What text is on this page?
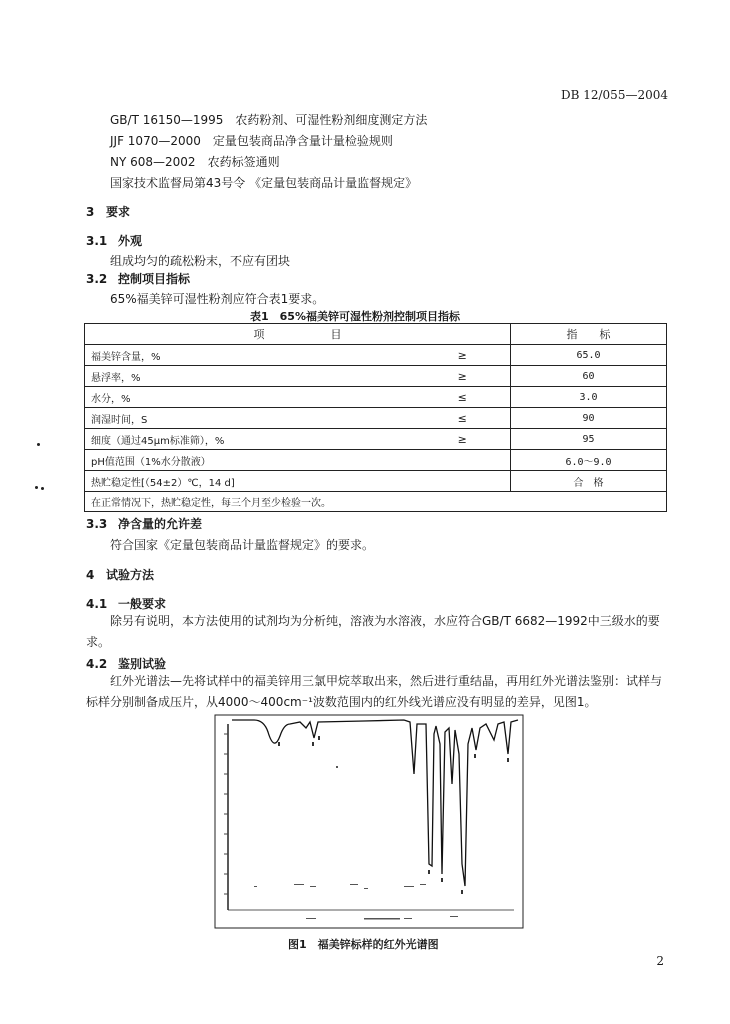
DB 12/055—2004
GB/T 16150—1995　农药粉剂、可湿性粉剂细度测定方法
JJF 1070—2000　定量包装商品净含量计量检验规则
NY 608—2002　农药标签通则
国家技术监督局第43号令 《定量包装商品计量监督规定》
3 要求
3.1 外观
组成均匀的疏松粉末，不应有团块
3.2 控制项目指标
65%福美锌可湿性粉剂应符合表1要求。
表1　65%福美锌可湿性粉剂控制项目指标
项　　　　　　目		指　　标
福美锌含量，%	≥	65.0
悬浮率，%	≥	60
水分，%	≤	3.0
润湿时间，S	≤	90
细度（通过45μm标准筛），%	≥	95
pH值范围（1%水分散液）		6.0～9.0
热贮稳定性[（54±2）℃，14 d]		合　格
在正常情况下，热贮稳定性，每三个月至少检验一次。		
3.3 净含量的允许差
符合国家《定量包装商品计量监督规定》的要求。
4 试验方法
4.1 一般要求
除另有说明，本方法使用的试剂均为分析纯，溶液为水溶液，水应符合GB/T 6682—1992中三级水的要求。
4.2 鉴别试验
红外光谱法—先将试样中的福美锌用三氯甲烷萃取出来，然后进行重结晶，再用红外光谱法鉴别：试样与标样分别制备成压片，从4000～400cm⁻¹波数范围内的红外线光谱应没有明显的差异，见图1。
图1　福美锌标样的红外光谱图
2
